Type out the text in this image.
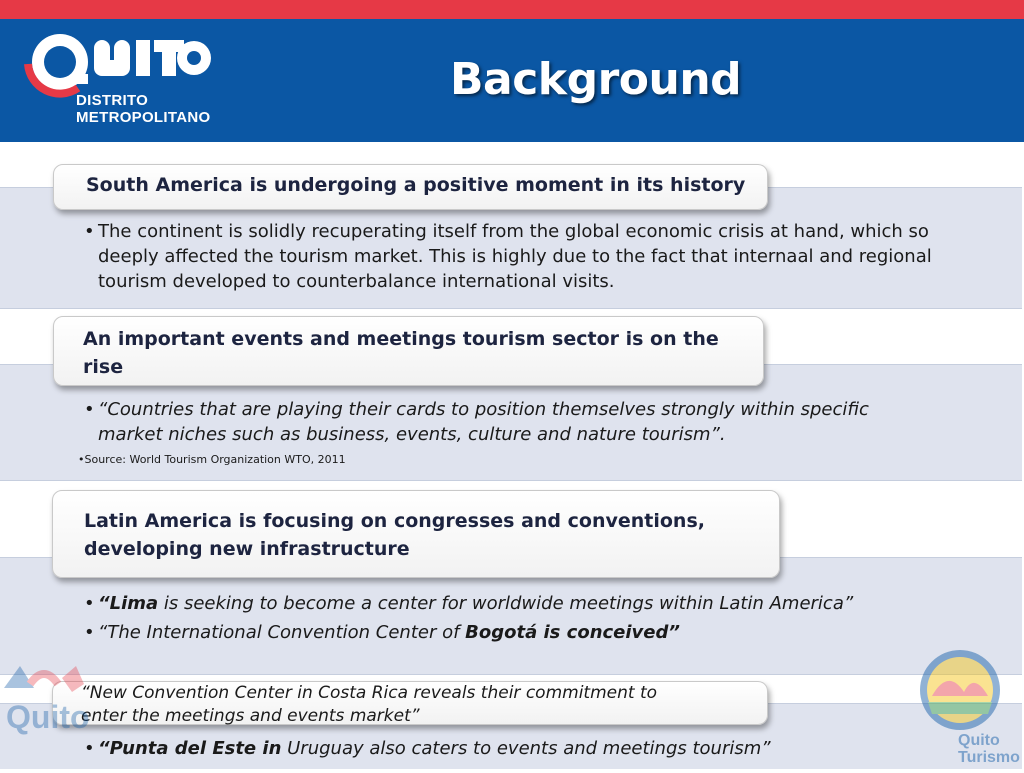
DISTRITO
METROPOLITANO
Background
South America is undergoing a positive moment in its history
• The continent is solidly recuperating itself from the global economic crisis at hand, which so deeply affected the tourism market. This is highly due to the fact that internaal and regional tourism developed to counterbalance international visits.
An important events and meetings tourism sector is on the rise
• “Countries that are playing their cards to position themselves strongly within specific market niches such as business, events, culture and nature tourism”.
•Source: World Tourism Organization WTO, 2011
Latin America is focusing on congresses and conventions, developing new infrastructure
• “Lima is seeking to become a center for worldwide meetings within Latin America”
• “The International Convention Center of Bogotá is conceived”
“New Convention Center in Costa Rica reveals their commitment to enter the meetings and events market”
• “Punta del Este in Uruguay also caters to events and meetings tourism”
Quito
Quito
Turismo
